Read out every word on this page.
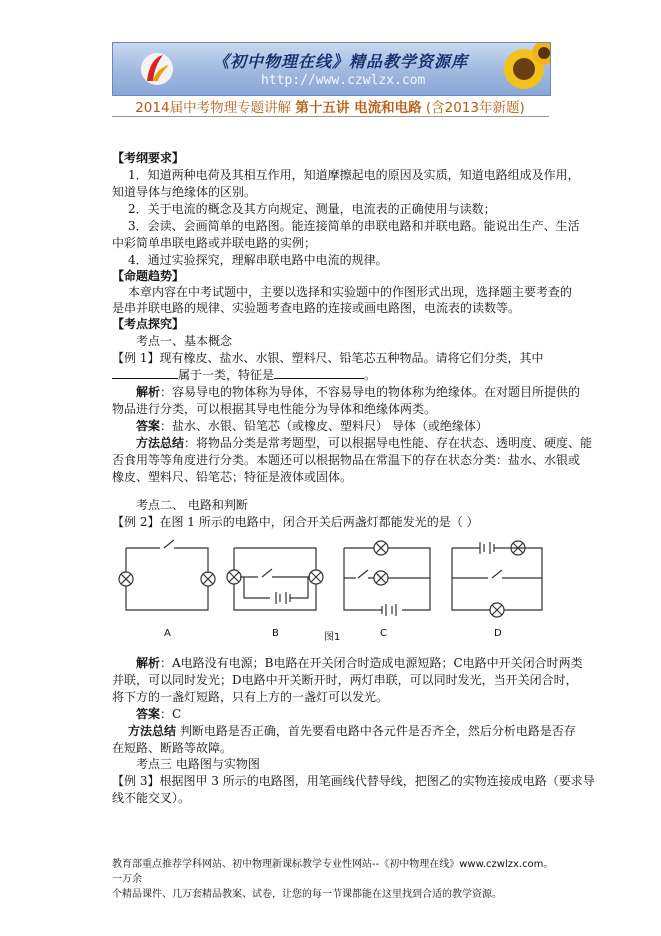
《初中物理在线》精品教学资源库
http://www.czwlzx.com
2014届中考物理专题讲解 第十五讲 电流和电路 (含2013年新题)
【考纲要求】
1．知道两种电荷及其相互作用，知道摩擦起电的原因及实质，知道电路组成及作用，
知道导体与绝缘体的区别。
2．关于电流的概念及其方向规定、测量，电流表的正确使用与读数；
3．会读、会画简单的电路图。能连接简单的串联电路和并联电路。能说出生产、生活
中彩简单串联电路或并联电路的实例；
4．通过实验探究，理解串联电路中电流的规律。
【命题趋势】
本章内容在中考试题中，主要以选择和实验题中的作图形式出现，选择题主要考查的
是串并联电路的规律、实验题考查电路的连接或画电路图，电流表的读数等。
【考点探究】
考点一、基本概念
【例 1】现有橡皮、盐水、水银、塑料尺、铅笔芯五种物品。请将它们分类，其中
属于一类，特征是	。
解析：容易导电的物体称为导体，不容易导电的物体称为绝缘体。在对题目所提供的
物品进行分类，可以根据其导电性能分为导体和绝缘体两类。
答案：盐水、水银、铅笔芯（或橡皮、塑料尺） 导体（或绝缘体）
方法总结：将物品分类是常考题型，可以根据导电性能、存在状态、透明度、硬度、能
否食用等等角度进行分类。本题还可以根据物品在常温下的存在状态分类：盐水、水银或
橡皮、塑料尺、铅笔芯；特征是液体或固体。
考点二、 电路和判断
【例 2】在图 1 所示的电路中，闭合开关后两盏灯都能发光的是（ ）
A	B	C	D
图1
解析：A电路没有电源；B电路在开关闭合时造成电源短路；C电路中开关闭合时两类
并联，可以同时发光；D电路中开关断开时，两灯串联，可以同时发光，当开关闭合时，
将下方的一盏灯短路，只有上方的一盏灯可以发光。
答案：C
方法总结 判断电路是否正确，首先要看电路中各元件是否齐全，然后分析电路是否存
在短路、断路等故障。
考点三 电路图与实物图
【例 3】根据图甲 3 所示的电路图，用笔画线代替导线，把图乙的实物连接成电路（要求导
线不能交叉）。
教育部重点推荐学科网站、初中物理新课标教学专业性网站--《初中物理在线》www.czwlzx.com。一万余
个精品课件、几万套精品教案、试卷，让您的每一节课都能在这里找到合适的教学资源。
